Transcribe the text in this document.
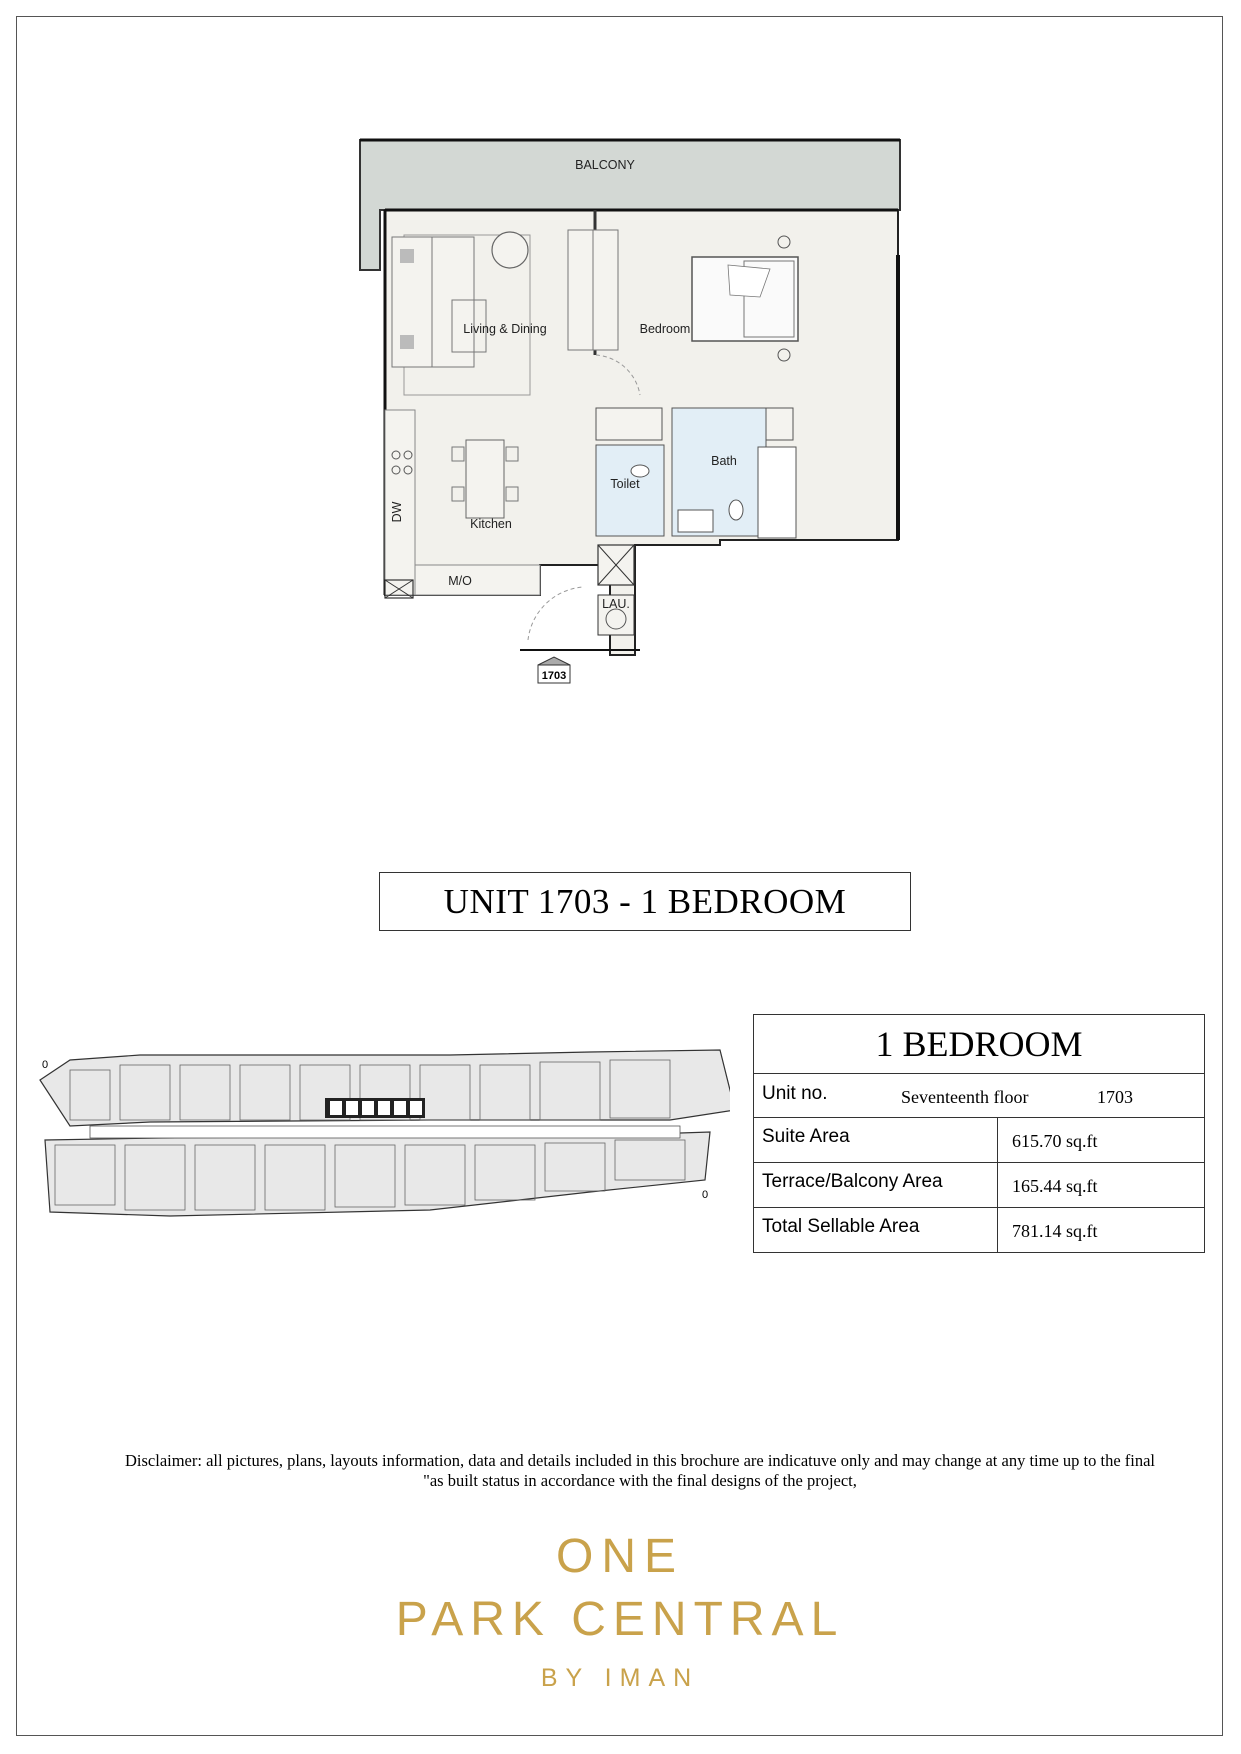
BALCONY
Living & Dining	Bedroom
Bath
Toilet
DW
M/O
Kitchen
LAU.
1703
UNIT 1703 - 1 BEDROOM
0
0
1 BEDROOM
Unit no.	Seventeenth floor	1703
Suite Area	615.70 sq.ft
Terrace/Balcony Area	165.44 sq.ft
Total Sellable Area	781.14 sq.ft
Disclaimer: all pictures, plans, layouts information, data and details included in this brochure are indicatuve only and may change at any time up to the final
"as built status in accordance with the final designs of the project,
ONE
PARK CENTRAL
BY IMAN
